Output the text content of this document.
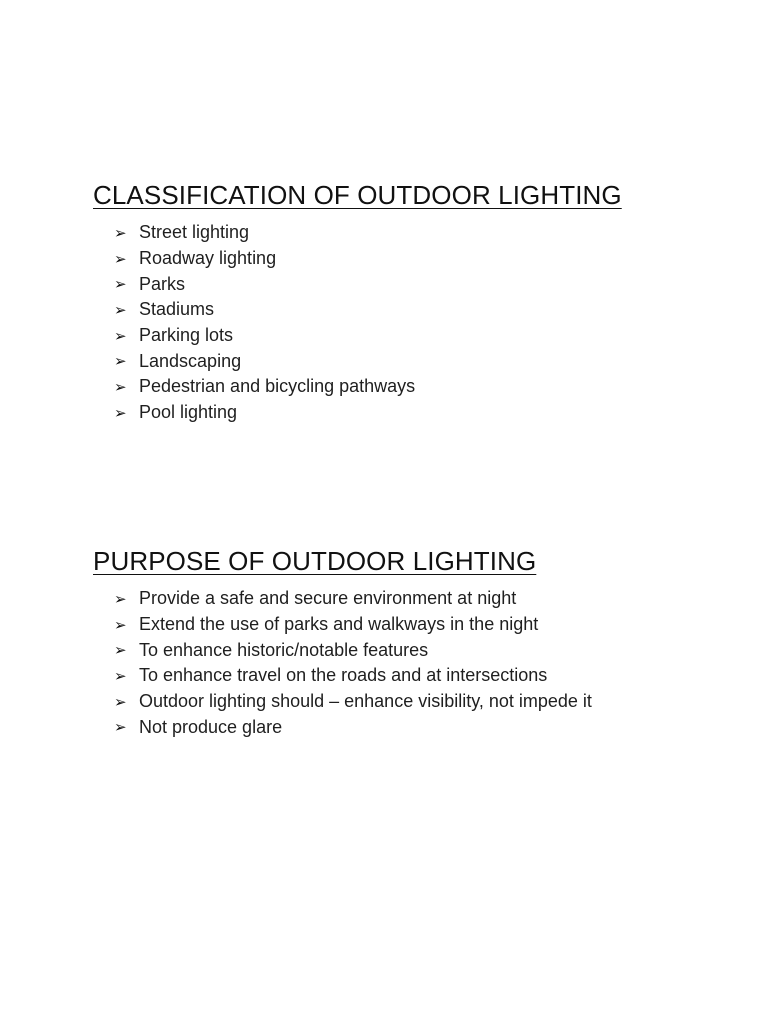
CLASSIFICATION OF OUTDOOR LIGHTING
➢ Street lighting
➢ Roadway lighting
➢ Parks
➢ Stadiums
➢ Parking lots
➢ Landscaping
➢ Pedestrian and bicycling pathways
➢ Pool lighting
PURPOSE OF OUTDOOR LIGHTING
➢ Provide a safe and secure environment at night
➢ Extend the use of parks and walkways in the night
➢ To enhance historic/notable features
➢ To enhance travel on the roads and at intersections
➢ Outdoor lighting should – enhance visibility, not impede it
➢ Not produce glare
